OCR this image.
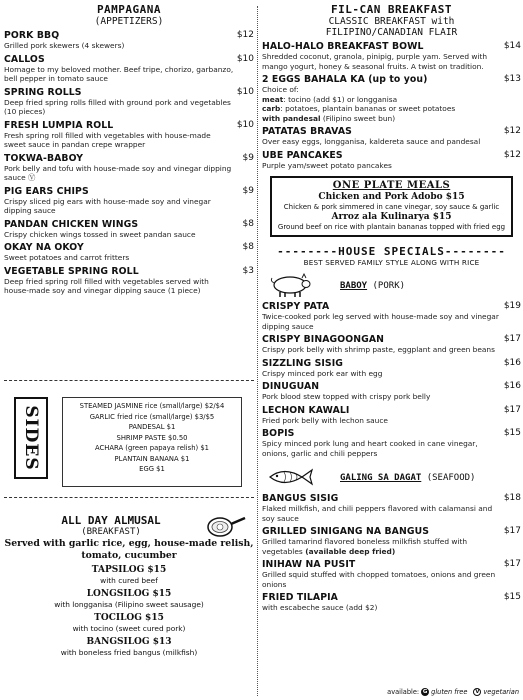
PAMPAGANA
(APPETIZERS)
PORK BBQ	$12
Grilled pork skewers (4 skewers)
CALLOS	$10
Homage to my beloved mother. Beef tripe, chorizo, garbanzo, bell pepper in tomato sauce
SPRING ROLLS	$10
Deep fried spring rolls filled with ground pork and vegetables (10 pieces)
FRESH LUMPIA ROLL	$10
Fresh spring roll filled with vegetables with house-made sweet sauce in pandan crepe wrapper
TOKWA-BABOY	$9
Pork belly and tofu with house-made soy and vinegar dipping sauce Ⓥ
PIG EARS CHIPS	$9
Crispy sliced pig ears with house-made soy and vinegar dipping sauce
PANDAN CHICKEN WINGS	$8
Crispy chicken wings tossed in sweet pandan sauce
OKAY NA OKOY	$8
Sweet potatoes and carrot fritters
VEGETABLE SPRING ROLL	$3
Deep fried spring roll filled with vegetables served with house-made soy and vinegar dipping sauce (1 piece)
SIDES	STEAMED JASMINE rice (small/large) $2/$4
GARLIC fried rice (small/large) $3/$5
PANDESAL $1
SHRIMP PASTE $0.50
ACHARA (green papaya relish) $1
PLANTAIN BANANA $1
EGG $1
ALL DAY ALMUSAL
(BREAKFAST)
Served with garlic rice, egg, house-made relish, tomato, cucumber
TAPSILOG $15
with cured beef
LONGSILOG $15
with longganisa (Filipino sweet sausage)
TOCILOG $15
with tocino (sweet cured pork)
BANGSILOG $13
with boneless fried bangus (milkfish)
FIL-CAN BREAKFAST
CLASSIC BREAKFAST with
FILIPINO/CANADIAN FLAIR
HALO-HALO BREAKFAST BOWL	$14
Shredded coconut, granola, pinipig, purple yam. Served with mango yogurt, honey & seasonal fruits. A twist on tradition.
2 EGGS BAHALA KA (up to you)	$13
Choice of:
meat: tocino (add $1) or longganisa
carb: potatoes, plantain bananas or sweet potatoes
with pandesal (Filipino sweet bun)
PATATAS BRAVAS	$12
Over easy eggs, longganisa, kaldereta sauce and pandesal
UBE PANCAKES	$12
Purple yam/sweet potato pancakes
ONE PLATE MEALS
Chicken and Pork Adobo $15
Chicken & pork simmered in cane vinegar, soy sauce & garlic
Arroz ala Kulinarya $15
Ground beef on rice with plantain bananas topped with fried egg
--------HOUSE SPECIALS--------
BEST SERVED FAMILY STYLE ALONG WITH RICE
BABOY (PORK)
CRISPY PATA	$19
Twice-cooked pork leg served with house-made soy and vinegar dipping sauce
CRISPY BINAGOONGAN	$17
Crispy pork belly with shrimp paste, eggplant and green beans
SIZZLING SISIG	$16
Crispy minced pork ear with egg
DINUGUAN	$16
Pork blood stew topped with crispy pork belly
LECHON KAWALI	$17
Fried pork belly with lechon sauce
BOPIS	$15
Spicy minced pork lung and heart cooked in cane vinegar, onions, garlic and chili peppers
GALING SA DAGAT (SEAFOOD)
BANGUS SISIG	$18
Flaked milkfish, and chili peppers flavored with calamansi and soy sauce
GRILLED SINIGANG NA BANGUS	$17
Grilled tamarind flavored boneless milkfish stuffed with vegetables (available deep fried)
INIHAW NA PUSIT	$17
Grilled squid stuffed with chopped tomatoes, onions and green onions
FRIED TILAPIA	$15
with escabeche sauce (add $2)
available: G gluten free	V vegetarian
